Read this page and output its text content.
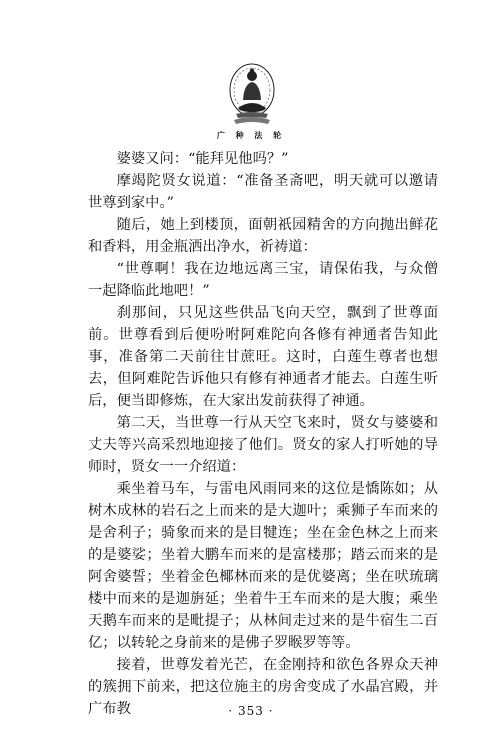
广 种 法 轮

婆婆又问：“能拜见他吗？”

摩竭陀贤女说道：“准备圣斋吧，明天就可以邀请世尊到家中。”

随后，她上到楼顶，面朝祇园精舍的方向抛出鲜花和香料，用金瓶洒出净水，祈祷道：

“世尊啊！我在边地远离三宝，请保佑我，与众僧一起降临此地吧！”

刹那间，只见这些供品飞向天空，飘到了世尊面前。世尊看到后便吩咐阿难陀向各修有神通者告知此事，准备第二天前往甘蔗旺。这时，白莲生尊者也想去，但阿难陀告诉他只有修有神通者才能去。白莲生听后，便当即修炼，在大家出发前获得了神通。

第二天，当世尊一行从天空飞来时，贤女与婆婆和丈夫等兴高采烈地迎接了他们。贤女的家人打听她的导师时，贤女一一介绍道：

乘坐着马车，与雷电风雨同来的这位是憍陈如；从树木成林的岩石之上而来的是大迦叶；乘狮子车而来的是舍利子；骑象而来的是目犍连；坐在金色林之上而来的是婆娑；坐着大鹏车而来的是富楼那；踏云而来的是阿舍婆誓；坐着金色椰林而来的是优婆离；坐在吠琉璃楼中而来的是迦旃延；坐着牛王车而来的是大腹；乘坐天鹅车而来的是毗提子；从林间走过来的是牛宿生二百亿；以转轮之身前来的是佛子罗睺罗等等。

接着，世尊发着光芒，在金刚持和欲色各界众天神的簇拥下前来，把这位施主的房舍变成了水晶宫殿，并广布教	· 353 ·
